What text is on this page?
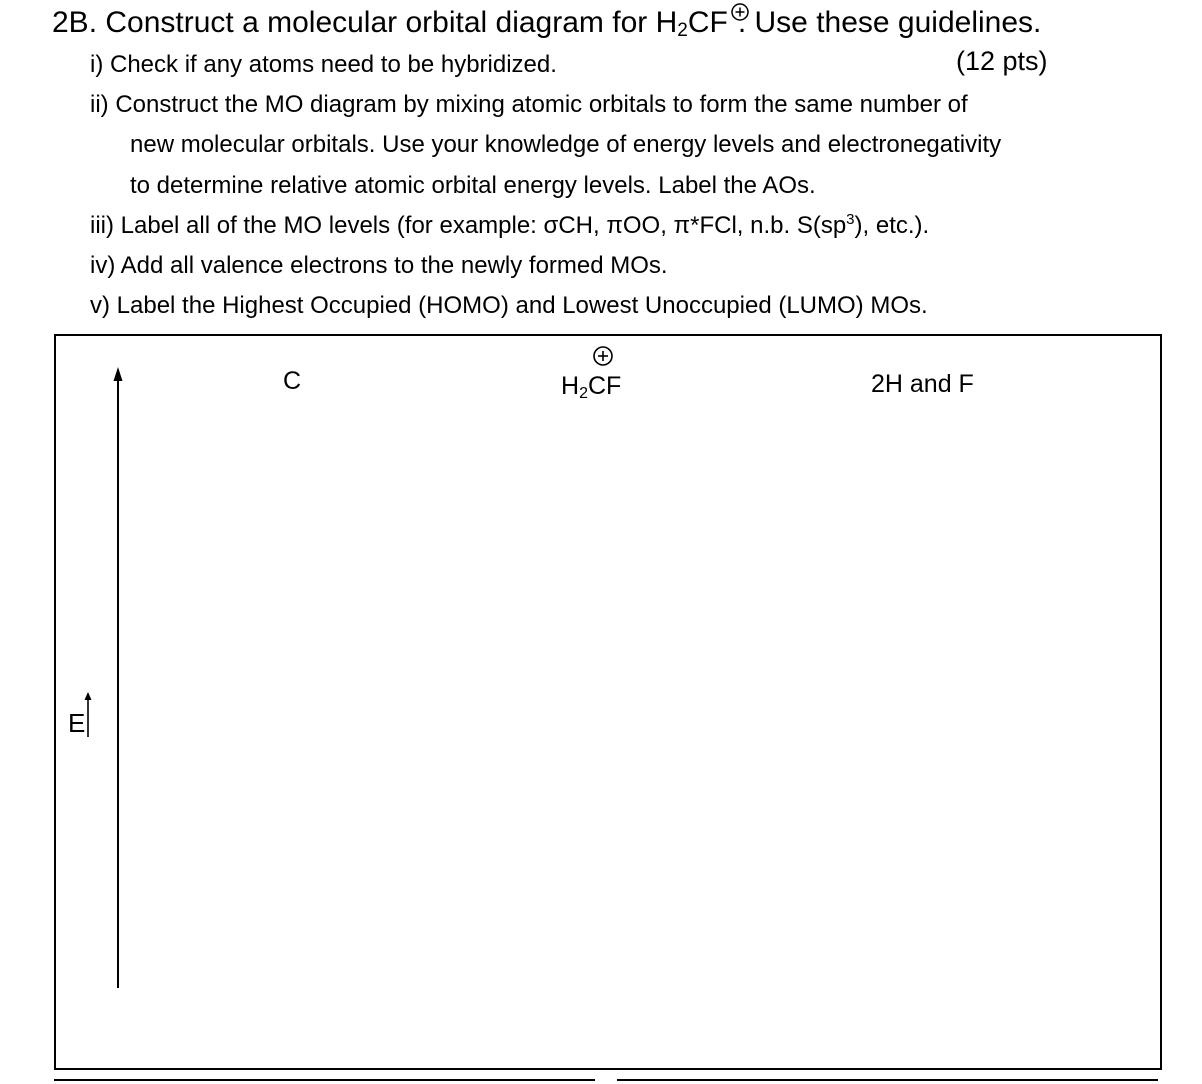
2B. Construct a molecular orbital diagram for $H_2CF$ . Use these guidelines.
i) Check if any atoms need to be hybridized.	(12 pts)
ii) Construct the MO diagram by mixing atomic orbitals to form the same number of
new molecular orbitals. Use your knowledge of energy levels and electronegativity
to determine relative atomic orbital energy levels. Label the AOs.
iii) Label all of the MO levels (for example: σCH, πOO, π*FCl, n.b. $S(sp^3)$, etc.).
iv) Add all valence electrons to the newly formed MOs.
v) Label the Highest Occupied (HOMO) and Lowest Unoccupied (LUMO) MOs.
C	$H_2CF$	2H and F
E
